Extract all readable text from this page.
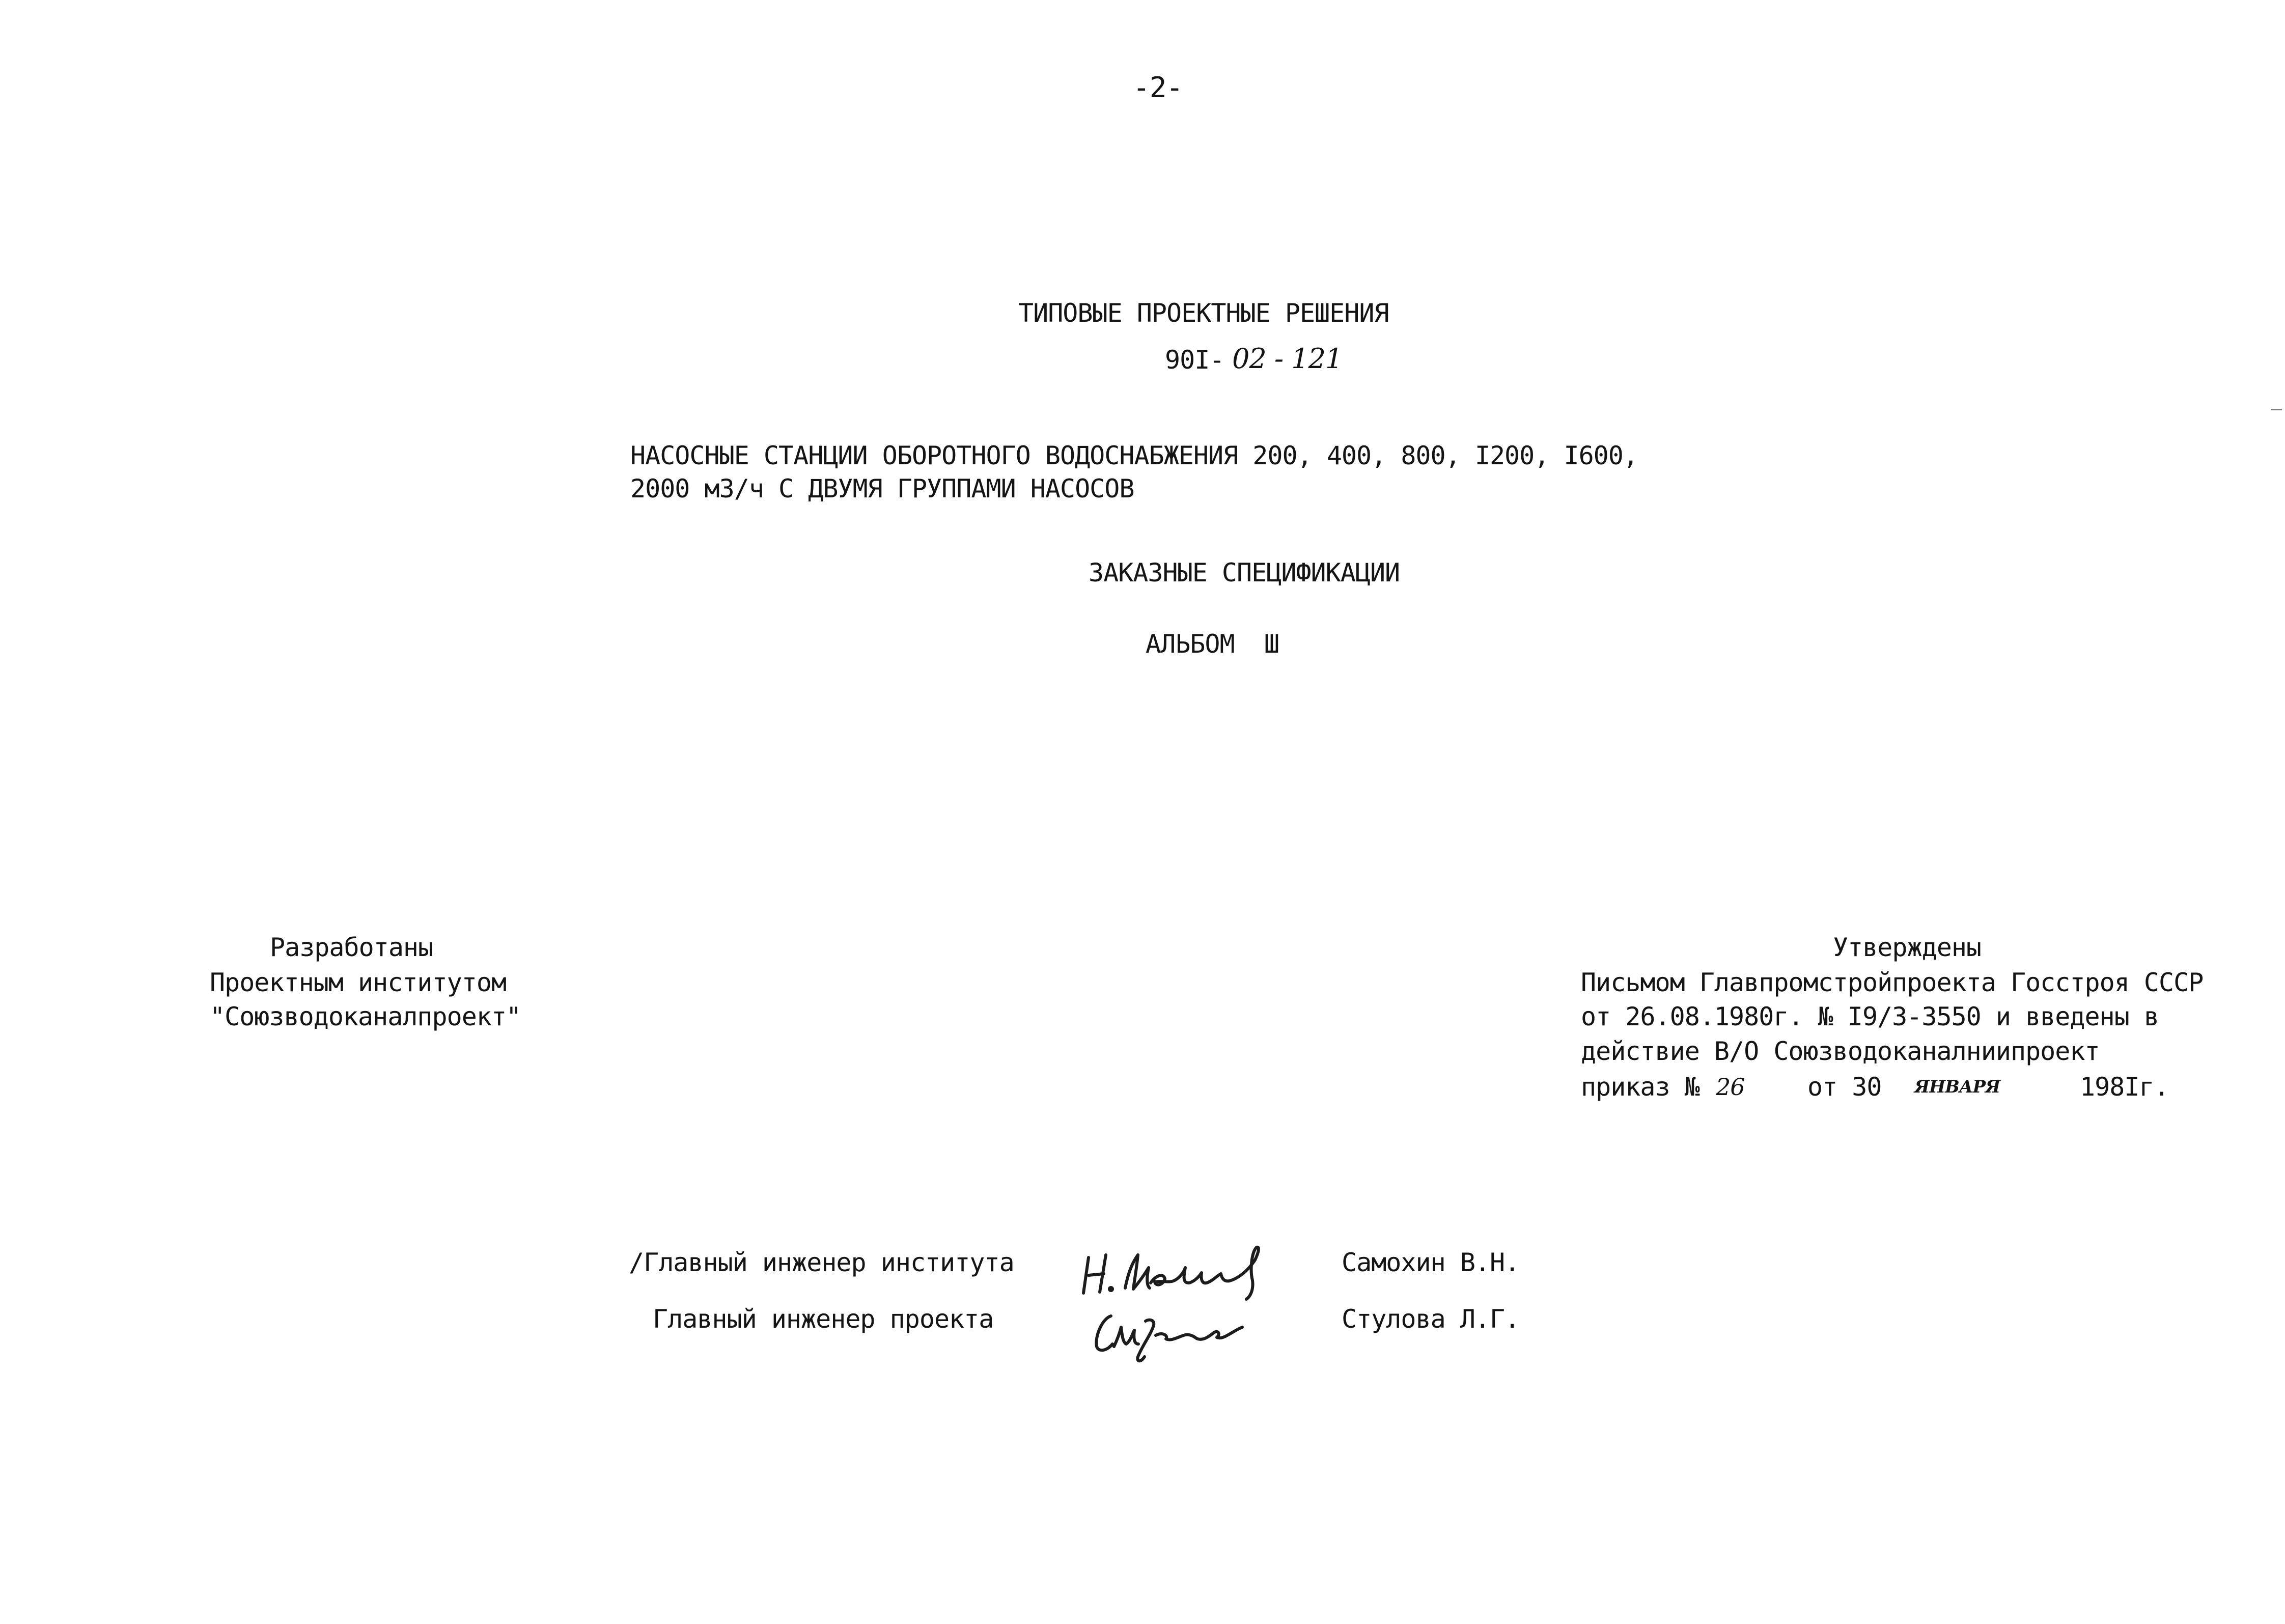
-2-
ТИПОВЫЕ ПРОЕКТНЫЕ РЕШЕНИЯ
90I- 02 - 121
НАСОСНЫЕ СТАНЦИИ ОБОРОТНОГО ВОДОСНАБЖЕНИЯ 200, 400, 800, I200, I600,
2000 м3/ч С ДВУМЯ ГРУППАМИ НАСОСОВ
ЗАКАЗНЫЕ СПЕЦИФИКАЦИИ
АЛЬБОМ  Ш
Разработаны
Проектным институтом
"Союзводоканалпроект"
Утверждены
Письмом Главпромстройпроекта Госстроя СССР
от 26.08.1980г. № I9/3-3550 и введены в
действие В/О Союзводоканалниипроект
приказ № 26 от 30 ЯНВАРЯ	198Iг.
/Главный инженер института
Главный инженер проекта
Самохин В.Н.
Стулова Л.Г.
